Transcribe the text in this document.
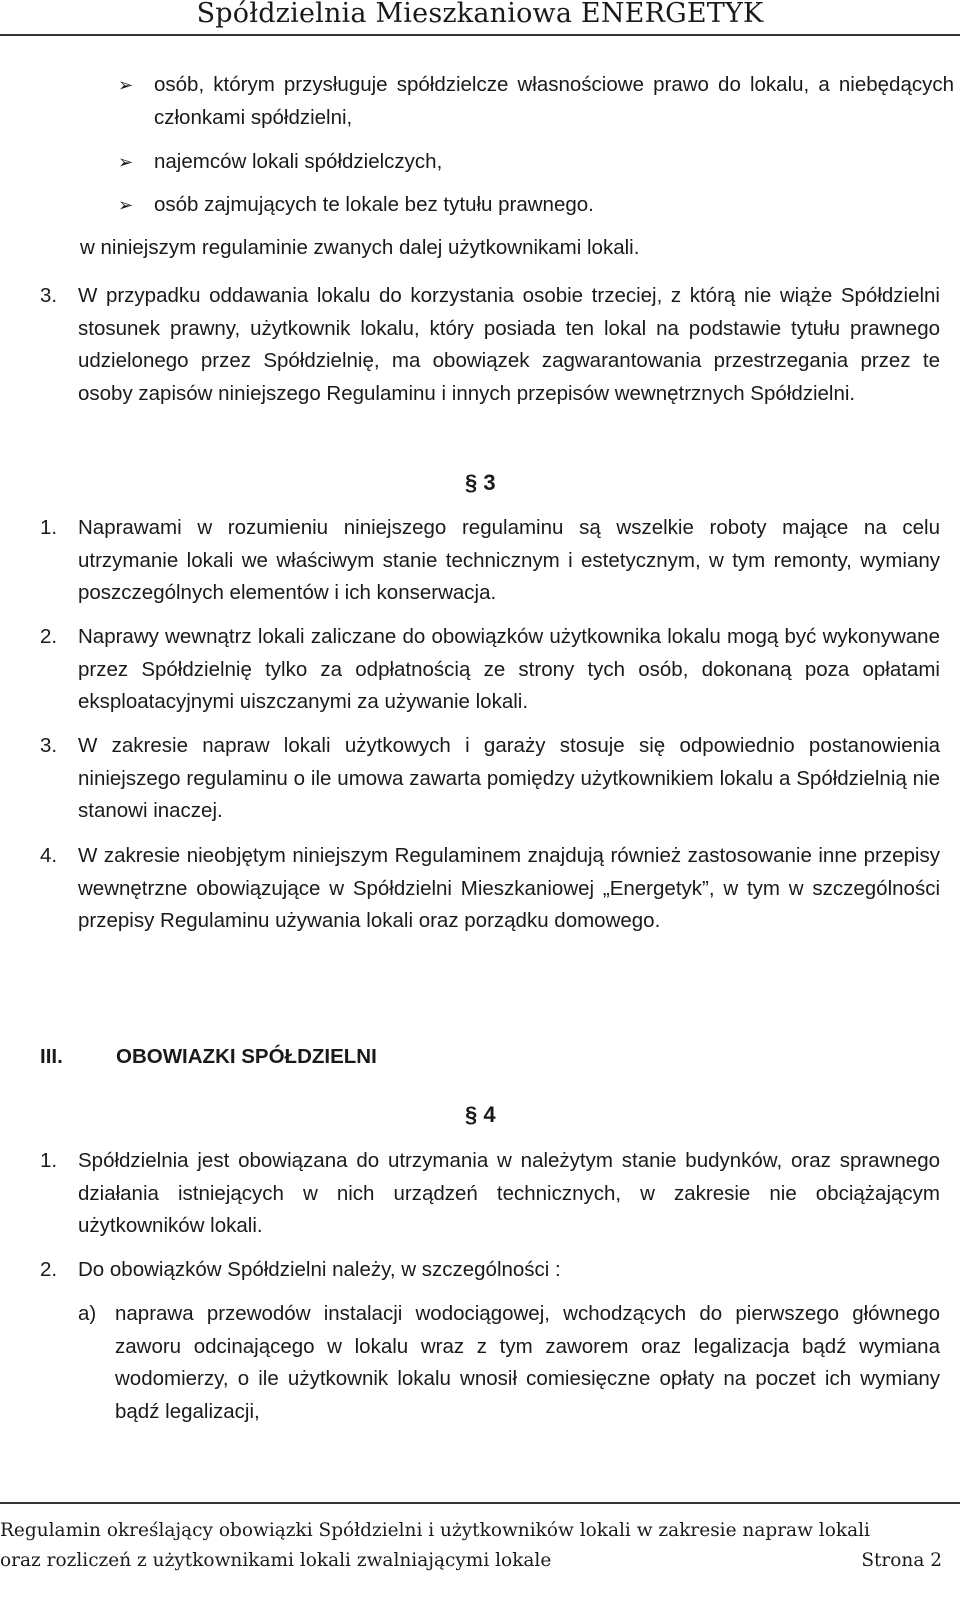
Spółdzielnia Mieszkaniowa ENERGETYK
➢	osób, którym przysługuje spółdzielcze własnościowe prawo do lokalu, a niebędących członkami spółdzielni,
➢	najemców lokali spółdzielczych,
➢	osób zajmujących te lokale bez tytułu prawnego.
w niniejszym regulaminie zwanych dalej użytkownikami lokali.
3. W przypadku oddawania lokalu do korzystania osobie trzeciej, z którą nie wiąże Spółdzielni stosunek prawny, użytkownik lokalu, który posiada ten lokal na podstawie tytułu prawnego udzielonego przez Spółdzielnię, ma obowiązek zagwarantowania przestrzegania przez te osoby zapisów niniejszego Regulaminu i innych przepisów wewnętrznych Spółdzielni.
§ 3
1. Naprawami w rozumieniu niniejszego regulaminu są wszelkie roboty mające na celu utrzymanie lokali we właściwym stanie technicznym i estetycznym, w tym remonty, wymiany poszczególnych elementów i ich konserwacja.
2. Naprawy wewnątrz lokali zaliczane do obowiązków użytkownika lokalu mogą być wykonywane przez Spółdzielnię tylko za odpłatnością ze strony tych osób, dokonaną poza opłatami eksploatacyjnymi uiszczanymi za używanie lokali.
3. W zakresie napraw lokali użytkowych i garaży stosuje się odpowiednio postanowienia niniejszego regulaminu o ile umowa zawarta pomiędzy użytkownikiem lokalu a Spółdzielnią nie stanowi inaczej.
4. W zakresie nieobjętym niniejszym Regulaminem znajdują również zastosowanie inne przepisy wewnętrzne obowiązujące w Spółdzielni Mieszkaniowej „Energetyk”, w tym w szczególności przepisy Regulaminu używania lokali oraz porządku domowego.
III.	OBOWIAZKI SPÓŁDZIELNI
§ 4
1. Spółdzielnia jest obowiązana do utrzymania w należytym stanie budynków, oraz sprawnego działania istniejących w nich urządzeń technicznych, w zakresie nie obciążającym użytkowników lokali.
2. Do obowiązków Spółdzielni należy, w szczególności :
a) naprawa przewodów instalacji wodociągowej, wchodzących do pierwszego głównego zaworu odcinającego w lokalu wraz z tym zaworem oraz legalizacja bądź wymiana wodomierzy, o ile użytkownik lokalu wnosił comiesięczne opłaty na poczet ich wymiany bądź legalizacji,
Regulamin określający obowiązki Spółdzielni i użytkowników lokali w zakresie napraw lokali
oraz rozliczeń z użytkownikami lokali zwalniającymi lokale	Strona 2
